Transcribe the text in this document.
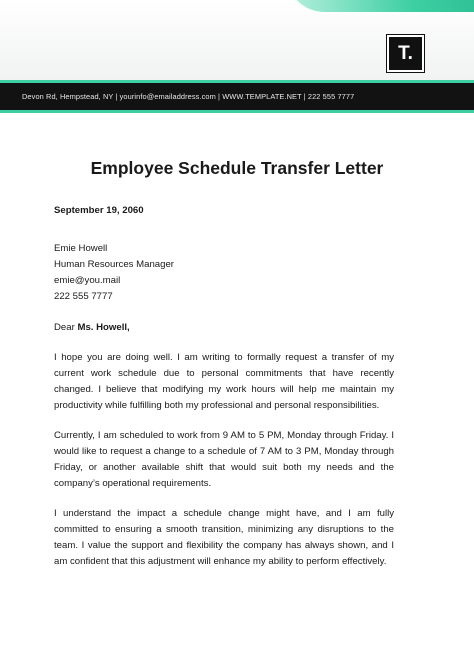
T.
Devon Rd, Hempstead, NY | yourinfo@emailaddress.com | WWW.TEMPLATE.NET | 222 555 7777
Employee Schedule Transfer Letter

September 19, 2060

Emie Howell
Human Resources Manager
emie@you.mail
222 555 7777
Dear Ms. Howell,
I hope you are doing well. I am writing to formally request a transfer of my current work schedule due to personal commitments that have recently changed. I believe that modifying my work hours will help me maintain my productivity while fulfilling both my professional and personal responsibilities.
Currently, I am scheduled to work from 9 AM to 5 PM, Monday through Friday. I would like to request a change to a schedule of 7 AM to 3 PM, Monday through Friday, or another available shift that would suit both my needs and the company’s operational requirements.
I understand the impact a schedule change might have, and I am fully committed to ensuring a smooth transition, minimizing any disruptions to the team. I value the support and flexibility the company has always shown, and I am confident that this adjustment will enhance my ability to perform effectively.
